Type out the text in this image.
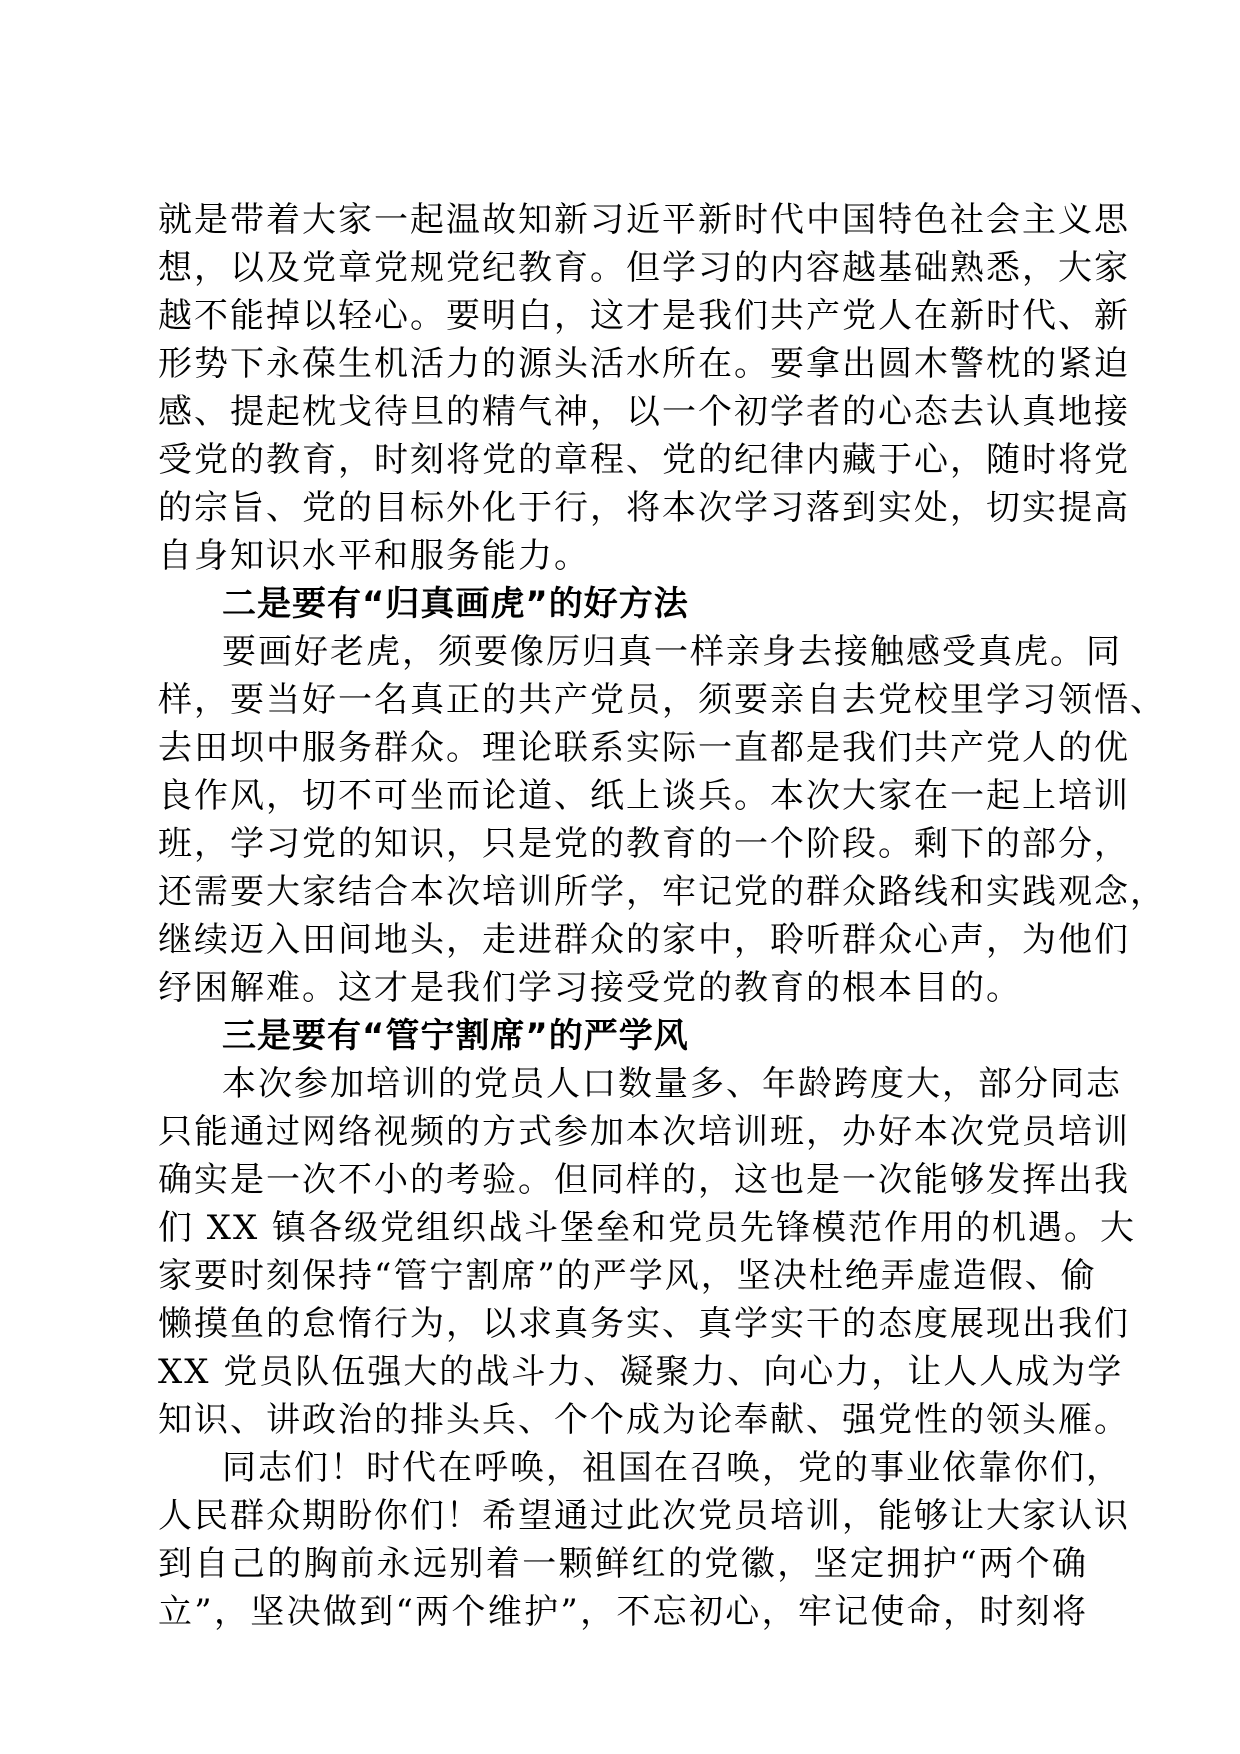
就是带着大家一起温故知新习近平新时代中国特色社会主义思
想，以及党章党规党纪教育。但学习的内容越基础熟悉，大家
越不能掉以轻心。要明白，这才是我们共产党人在新时代、新
形势下永葆生机活力的源头活水所在。要拿出圆木警枕的紧迫
感、提起枕戈待旦的精气神，以一个初学者的心态去认真地接
受党的教育，时刻将党的章程、党的纪律内藏于心，随时将党
的宗旨、党的目标外化于行，将本次学习落到实处，切实提高
自身知识水平和服务能力。
二是要有“归真画虎”的好方法
要画好老虎，须要像厉归真一样亲身去接触感受真虎。同
样，要当好一名真正的共产党员，须要亲自去党校里学习领悟、
去田坝中服务群众。理论联系实际一直都是我们共产党人的优
良作风，切不可坐而论道、纸上谈兵。本次大家在一起上培训
班，学习党的知识，只是党的教育的一个阶段。剩下的部分，
还需要大家结合本次培训所学，牢记党的群众路线和实践观念，
继续迈入田间地头，走进群众的家中，聆听群众心声，为他们
纾困解难。这才是我们学习接受党的教育的根本目的。
三是要有“管宁割席”的严学风
本次参加培训的党员人口数量多、年龄跨度大，部分同志
只能通过网络视频的方式参加本次培训班，办好本次党员培训
确实是一次不小的考验。但同样的，这也是一次能够发挥出我
们 XX 镇各级党组织战斗堡垒和党员先锋模范作用的机遇。大
家要时刻保持“管宁割席”的严学风，坚决杜绝弄虚造假、偷
懒摸鱼的怠惰行为，以求真务实、真学实干的态度展现出我们
XX 党员队伍强大的战斗力、凝聚力、向心力，让人人成为学
知识、讲政治的排头兵、个个成为论奉献、强党性的领头雁。
同志们！时代在呼唤，祖国在召唤，党的事业依靠你们，
人民群众期盼你们！希望通过此次党员培训，能够让大家认识
到自己的胸前永远别着一颗鲜红的党徽，坚定拥护“两个确
立”，坚决做到“两个维护”，不忘初心，牢记使命，时刻将
